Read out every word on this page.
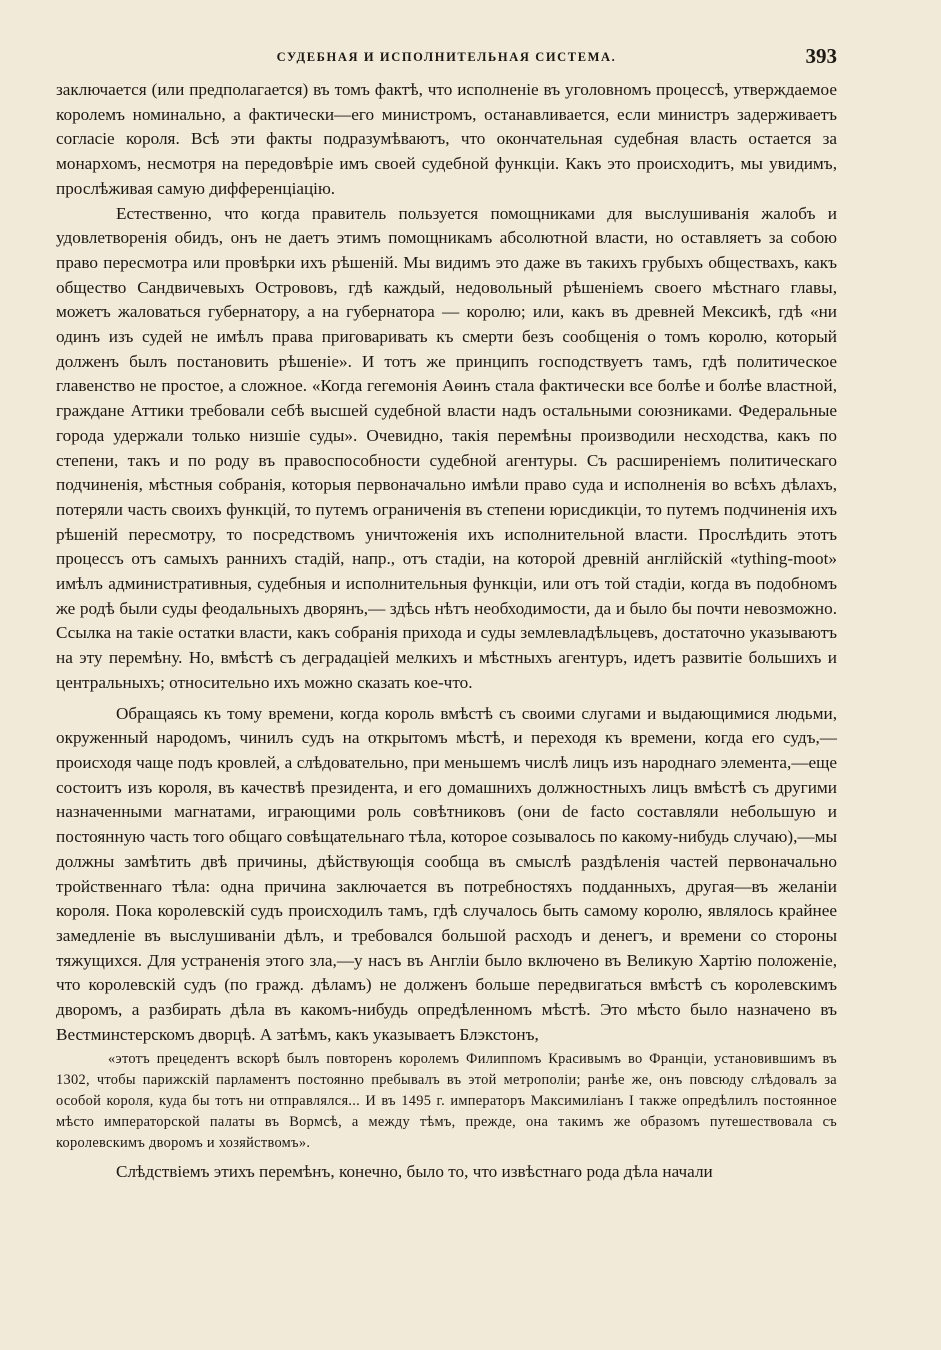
СУДЕБНАЯ И ИСПОЛНИТЕЛЬНАЯ СИСТЕМА.	393

заключается (или предполагается) въ томъ фактѣ, что исполненіе въ уголовномъ процессѣ, утверждаемое королемъ номинально, а фактически—его министромъ, останавливается, если министръ задерживаетъ согласіе короля. Всѣ эти факты подразумѣваютъ, что окончательная судебная власть остается за монархомъ, несмотря на передовѣріе имъ своей судебной функціи. Какъ это происходитъ, мы увидимъ, прослѣживая самую дифференціацію.

Естественно, что когда правитель пользуется помощниками для выслушиванія жалобъ и удовлетворенія обидъ, онъ не даетъ этимъ помощникамъ абсолютной власти, но оставляетъ за собою право пересмотра или провѣрки ихъ рѣшеній. Мы видимъ это даже въ такихъ грубыхъ обществахъ, какъ общество Сандвичевыхъ Острововъ, гдѣ каждый, недовольный рѣшеніемъ своего мѣстнаго главы, можетъ жаловаться губернатору, а на губернатора — королю; или, какъ въ древней Мексикѣ, гдѣ «ни одинъ изъ судей не имѣлъ права приговаривать къ смерти безъ сообщенія о томъ королю, который долженъ былъ постановить рѣшеніе». И тотъ же принципъ господствуетъ тамъ, гдѣ политическое главенство не простое, а сложное. «Когда гегемонія Аѳинъ стала фактически все болѣе и болѣе властной, граждане Аттики требовали себѣ высшей судебной власти надъ остальными союзниками. Федеральные города удержали только низшіе суды». Очевидно, такія перемѣны производили несходства, какъ по степени, такъ и по роду въ правоспособности судебной агентуры. Съ расширеніемъ политическаго подчиненія, мѣстныя собранія, которыя первоначально имѣли право суда и исполненія во всѣхъ дѣлахъ, потеряли часть своихъ функцій, то путемъ ограниченія въ степени юрисдикціи, то путемъ подчиненія ихъ рѣшеній пересмотру, то посредствомъ уничтоженія ихъ исполнительной власти. Прослѣдить этотъ процессъ отъ самыхъ раннихъ стадій, напр., отъ стадіи, на которой древній англійскій «tything-moot» имѣлъ административныя, судебныя и исполнительныя функціи, или отъ той стадіи, когда въ подобномъ же родѣ были суды феодальныхъ дворянъ,— здѣсь нѣтъ необходимости, да и было бы почти невозможно. Ссылка на такіе остатки власти, какъ собранія прихода и суды землевладѣльцевъ, достаточно указываютъ на эту перемѣну. Но, вмѣстѣ съ деградаціей мелкихъ и мѣстныхъ агентуръ, идетъ развитіе большихъ и центральныхъ; относительно ихъ можно сказать кое-что.

Обращаясь къ тому времени, когда король вмѣстѣ съ своими слугами и выдающимися людьми, окруженный народомъ, чинилъ судъ на открытомъ мѣстѣ, и переходя къ времени, когда его судъ,—происходя чаще подъ кровлей, а слѣдовательно, при меньшемъ числѣ лицъ изъ народнаго элемента,—еще состоитъ изъ короля, въ качествѣ президента, и его домашнихъ должностныхъ лицъ вмѣстѣ съ другими назначенными магнатами, играющими роль совѣтниковъ (они de facto составляли небольшую и постоянную часть того общаго совѣщательнаго тѣла, которое созывалось по какому-нибудь случаю),—мы должны замѣтить двѣ причины, дѣйствующія сообща въ смыслѣ раздѣленія частей первоначально тройственнаго тѣла: одна причина заключается въ потребностяхъ подданныхъ, другая—въ желаніи короля. Пока королевскій судъ происходилъ тамъ, гдѣ случалось быть самому королю, являлось крайнее замедленіе въ выслушиваніи дѣлъ, и требовался большой расходъ и денегъ, и времени со стороны тяжущихся. Для устраненія этого зла,—у насъ въ Англіи было включено въ Великую Хартію положеніе, что королевскій судъ (по гражд. дѣламъ) не долженъ больше передвигаться вмѣстѣ съ королевскимъ дворомъ, а разбирать дѣла въ какомъ-нибудь опредѣленномъ мѣстѣ. Это мѣсто было назначено въ Вестминстерскомъ дворцѣ. А затѣмъ, какъ указываетъ Блэкстонъ,

«этотъ прецедентъ вскорѣ былъ повторенъ королемъ Филиппомъ Красивымъ во Франціи, установившимъ въ 1302, чтобы парижскій парламентъ постоянно пребывалъ въ этой метрополіи; ранѣе же, онъ повсюду слѣдовалъ за особой короля, куда бы тотъ ни отправлялся... И въ 1495 г. императоръ Максимиліанъ I также опредѣлилъ постоянное мѣсто императорской палаты въ Вормсѣ, а между тѣмъ, прежде, она такимъ же образомъ путешествовала съ королевскимъ дворомъ и хозяйствомъ».

Слѣдствіемъ этихъ перемѣнъ, конечно, было то, что извѣстнаго рода дѣла начали
